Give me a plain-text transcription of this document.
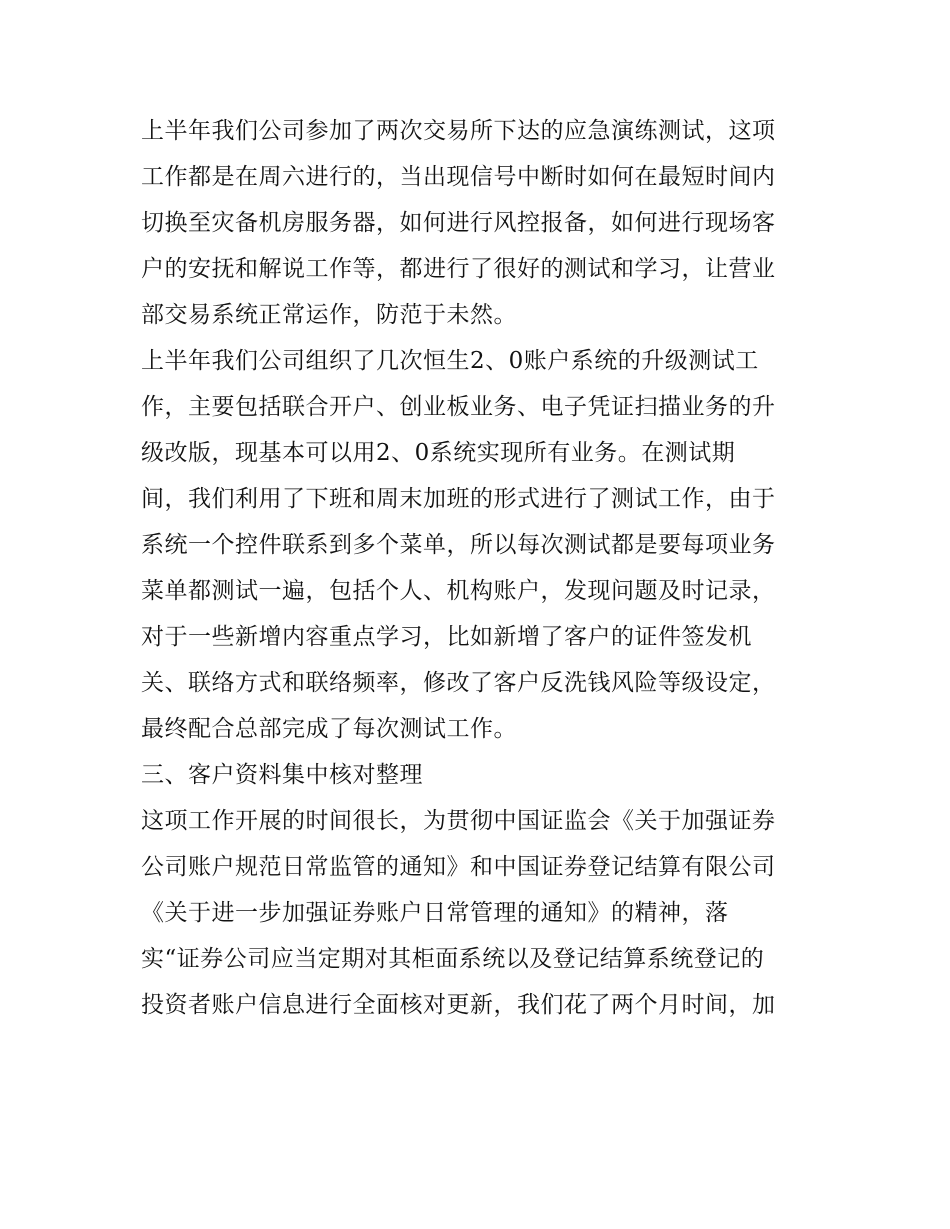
上半年我们公司参加了两次交易所下达的应急演练测试，这项
工作都是在周六进行的，当出现信号中断时如何在最短时间内
切换至灾备机房服务器，如何进行风控报备，如何进行现场客
户的安抚和解说工作等，都进行了很好的测试和学习，让营业
部交易系统正常运作，防范于未然。
上半年我们公司组织了几次恒生2、0账户系统的升级测试工
作，主要包括联合开户、创业板业务、电子凭证扫描业务的升
级改版，现基本可以用2、0系统实现所有业务。在测试期
间，我们利用了下班和周末加班的形式进行了测试工作，由于
系统一个控件联系到多个菜单，所以每次测试都是要每项业务
菜单都测试一遍，包括个人、机构账户，发现问题及时记录，
对于一些新增内容重点学习，比如新增了客户的证件签发机
关、联络方式和联络频率，修改了客户反洗钱风险等级设定，
最终配合总部完成了每次测试工作。
三、客户资料集中核对整理
这项工作开展的时间很长，为贯彻中国证监会《关于加强证券
公司账户规范日常监管的通知》和中国证券登记结算有限公司
《关于进一步加强证券账户日常管理的通知》的精神，落
实“证券公司应当定期对其柜面系统以及登记结算系统登记的
投资者账户信息进行全面核对更新，我们花了两个月时间，加
